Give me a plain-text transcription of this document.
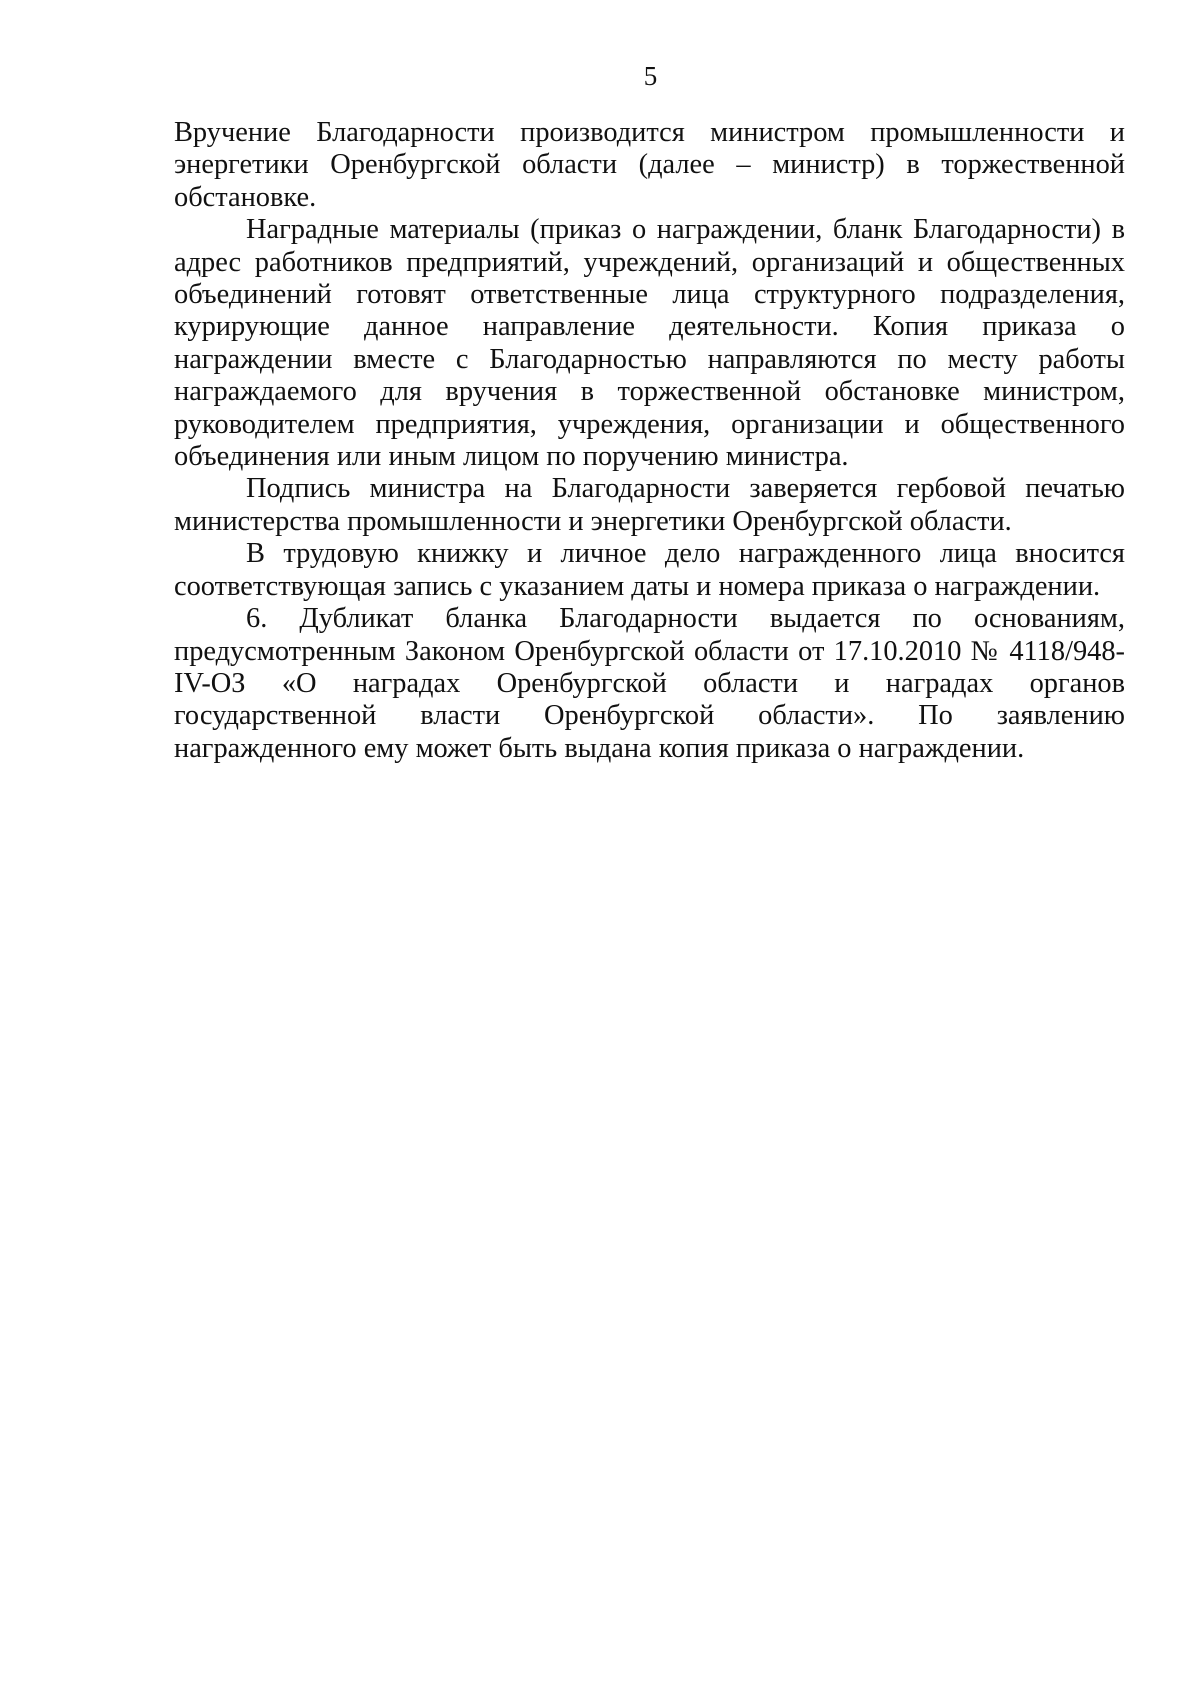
5

Вручение Благодарности производится министром промышленности и энергетики Оренбургской области (далее – министр) в торжественной обстановке.

Наградные материалы (приказ о награждении, бланк Благодарности) в адрес работников предприятий, учреждений, организаций и общественных объединений готовят ответственные лица структурного подразделения, курирующие данное направление деятельности. Копия приказа о награждении вместе с Благодарностью направляются по месту работы награждаемого для вручения в торжественной обстановке министром, руководителем предприятия, учреждения, организации и общественного объединения или иным лицом по поручению министра.

Подпись министра на Благодарности заверяется гербовой печатью министерства промышленности и энергетики Оренбургской области.

В трудовую книжку и личное дело награжденного лица вносится соответствующая запись с указанием даты и номера приказа о награждении.

6. Дубликат бланка Благодарности выдается по основаниям, предусмотренным Законом Оренбургской области от 17.10.2010 № 4118/948-IV-ОЗ «О наградах Оренбургской области и наградах органов государственной власти Оренбургской области». По заявлению награжденного ему может быть выдана копия приказа о награждении.
